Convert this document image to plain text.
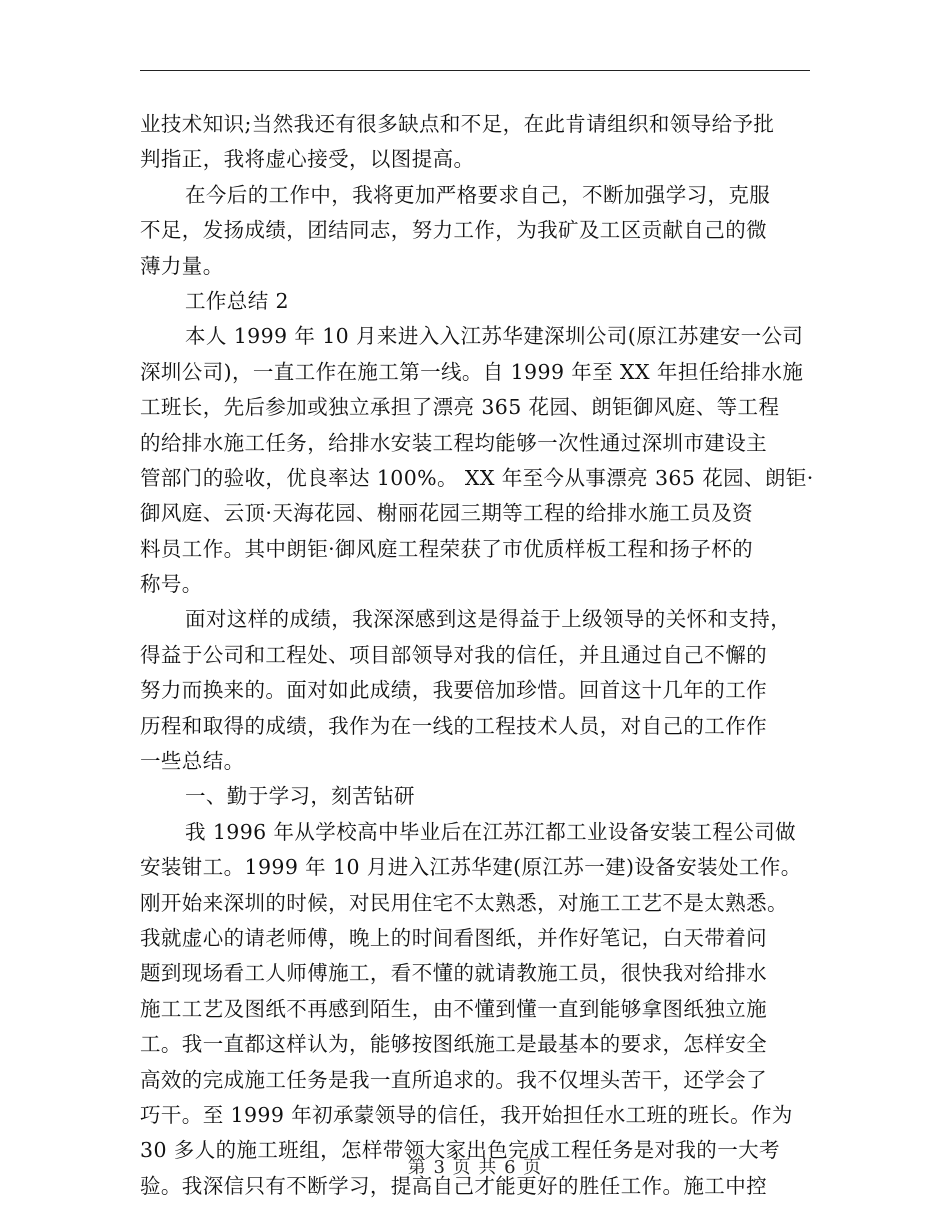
业技术知识;当然我还有很多缺点和不足，在此肯请组织和领导给予批
判指正，我将虚心接受，以图提高。
在今后的工作中，我将更加严格要求自己，不断加强学习，克服
不足，发扬成绩，团结同志，努力工作，为我矿及工区贡献自己的微
薄力量。
工作总结 2
本人 1999 年 10 月来进入入江苏华建深圳公司(原江苏建安一公司
深圳公司)，一直工作在施工第一线。自 1999 年至 XX 年担任给排水施
工班长，先后参加或独立承担了漂亮 365 花园、朗钜御风庭、等工程
的给排水施工任务，给排水安装工程均能够一次性通过深圳市建设主
管部门的验收，优良率达 100%。 XX 年至今从事漂亮 365 花园、朗钜·
御风庭、云顶·天海花园、榭丽花园三期等工程的给排水施工员及资
料员工作。其中朗钜·御风庭工程荣获了市优质样板工程和扬子杯的
称号。
面对这样的成绩，我深深感到这是得益于上级领导的关怀和支持，
得益于公司和工程处、项目部领导对我的信任，并且通过自己不懈的
努力而换来的。面对如此成绩，我要倍加珍惜。回首这十几年的工作
历程和取得的成绩，我作为在一线的工程技术人员，对自己的工作作
一些总结。
一、勤于学习，刻苦钻研
我 1996 年从学校高中毕业后在江苏江都工业设备安装工程公司做
安装钳工。1999 年 10 月进入江苏华建(原江苏一建)设备安装处工作。
刚开始来深圳的时候，对民用住宅不太熟悉，对施工工艺不是太熟悉。
我就虚心的请老师傅，晚上的时间看图纸，并作好笔记，白天带着问
题到现场看工人师傅施工，看不懂的就请教施工员，很快我对给排水
施工工艺及图纸不再感到陌生，由不懂到懂一直到能够拿图纸独立施
工。我一直都这样认为，能够按图纸施工是最基本的要求，怎样安全
高效的完成施工任务是我一直所追求的。我不仅埋头苦干，还学会了
巧干。至 1999 年初承蒙领导的信任，我开始担任水工班的班长。作为
30 多人的施工班组，怎样带领大家出色完成工程任务是对我的一大考
验。我深信只有不断学习，提高自己才能更好的胜任工作。施工中控
第 3 页 共 6 页
